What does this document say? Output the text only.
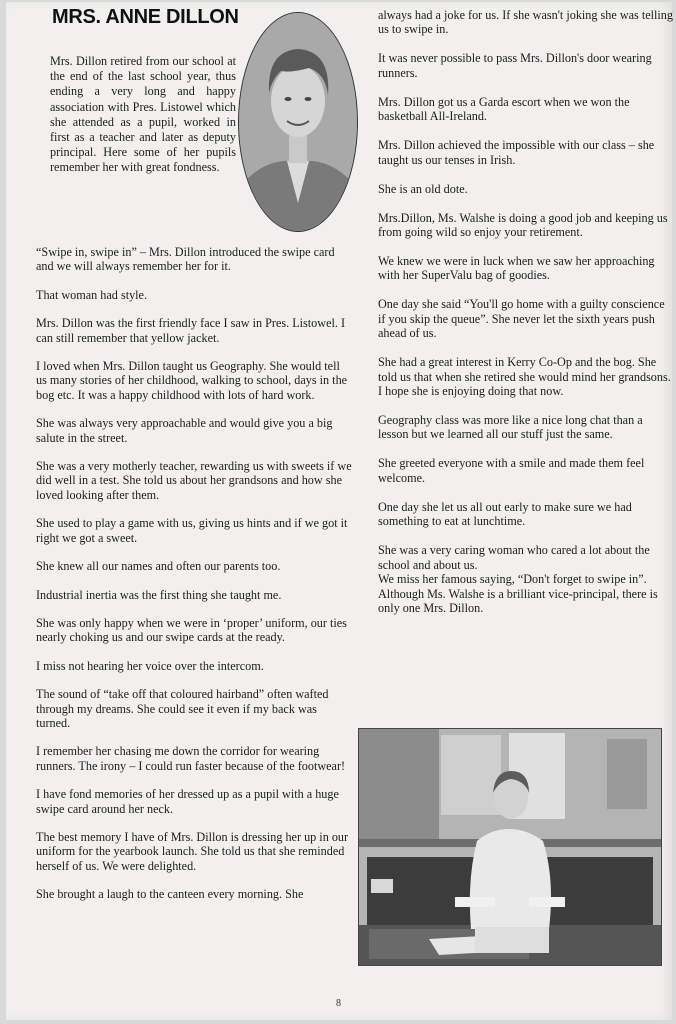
MRS. ANNE DILLON

Mrs. Dillon retired from our school at the end of the last school year, thus ending a very long and happy association with Pres. Listowel which she attended as a pupil, worked in first as a teacher and later as deputy principal. Here some of her pupils remember her with great fondness.

“Swipe in, swipe in” – Mrs. Dillon introduced the swipe card and we will always remember her for it.

That woman had style.

Mrs. Dillon was the first friendly face I saw in Pres. Listowel. I can still remember that yellow jacket.

I loved when Mrs. Dillon taught us Geography. She would tell us many stories of her childhood, walking to school, days in the bog etc. It was a happy childhood with lots of hard work.

She was always very approachable and would give you a big salute in the street.

She was a very motherly teacher, rewarding us with sweets if we did well in a test. She told us about her grandsons and how she loved looking after them.

She used to play a game with us, giving us hints and if we got it right we got a sweet.

She knew all our names and often our parents too.

Industrial inertia was the first thing she taught me.

She was only happy when we were in ‘proper’ uniform, our ties nearly choking us and our swipe cards at the ready.

I miss not hearing her voice over the intercom.

The sound of “take off that coloured hairband” often wafted through my dreams. She could see it even if my back was turned.

I remember her chasing me down the corridor for wearing runners. The irony – I could run faster because of the footwear!

I have fond memories of her dressed up as a pupil with a huge swipe card around her neck.

The best memory I have of Mrs. Dillon is dressing her up in our uniform for the yearbook launch. She told us that she reminded herself of us. We were delighted.

She brought a laugh to the canteen every morning. She

always had a joke for us. If she wasn't joking she was telling us to swipe in.

It was never possible to pass Mrs. Dillon's door wearing runners.

Mrs. Dillon got us a Garda escort when we won the basketball All-Ireland.

Mrs. Dillon achieved the impossible with our class – she taught us our tenses in Irish.

She is an old dote.

Mrs.Dillon, Ms. Walshe is doing a good job and keeping us from going wild so enjoy your retirement.

We knew we were in luck when we saw her approaching with her SuperValu bag of goodies.

One day she said “You'll go home with a guilty conscience if you skip the queue”. She never let the sixth years push ahead of us.

She had a great interest in Kerry Co-Op and the bog. She told us that when she retired she would mind her grandsons. I hope she is enjoying doing that now.

Geography class was more like a nice long chat than a lesson but we learned all our stuff just the same.

She greeted everyone with a smile and made them feel welcome.

One day she let us all out early to make sure we had something to eat at lunchtime.

She was a very caring woman who cared a lot about the school and about us.

We miss her famous saying, “Don't forget to swipe in”. Although Ms. Walshe is a brilliant vice-principal, there is only one Mrs. Dillon.

8
